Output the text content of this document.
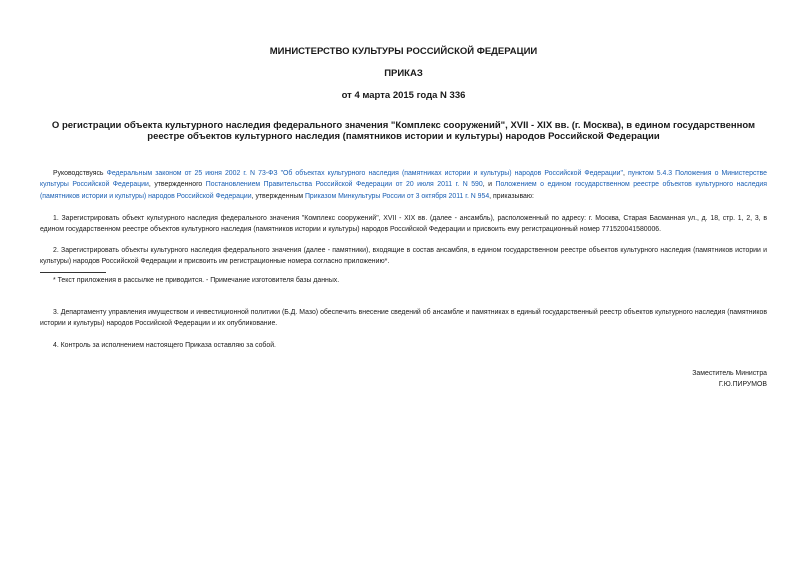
МИНИСТЕРСТВО КУЛЬТУРЫ РОССИЙСКОЙ ФЕДЕРАЦИИ
ПРИКАЗ
от 4 марта 2015 года N 336
О регистрации объекта культурного наследия федерального значения "Комплекс сооружений", XVII - XIX вв. (г. Москва), в едином государственном реестре объектов культурного наследия (памятников истории и культуры) народов Российской Федерации

Руководствуясь Федеральным законом от 25 июня 2002 г. N 73-ФЗ "Об объектах культурного наследия (памятниках истории и культуры) народов Российской Федерации", пунктом 5.4.3 Положения о Министерстве культуры Российской Федерации, утвержденного Постановлением Правительства Российской Федерации от 20 июля 2011 г. N 590, и Положением о едином государственном реестре объектов культурного наследия (памятников истории и культуры) народов Российской Федерации, утвержденным Приказом Минкультуры России от 3 октября 2011 г. N 954, приказываю:

1. Зарегистрировать объект культурного наследия федерального значения "Комплекс сооружений", XVII - XIX вв. (далее - ансамбль), расположенный по адресу: г. Москва, Старая Басманная ул., д. 18, стр. 1, 2, 3, в едином государственном реестре объектов культурного наследия (памятников истории и культуры) народов Российской Федерации и присвоить ему регистрационный номер 771520041580006.

2. Зарегистрировать объекты культурного наследия федерального значения (далее - памятники), входящие в состав ансамбля, в едином государственном реестре объектов культурного наследия (памятников истории и культуры) народов Российской Федерации и присвоить им регистрационные номера согласно приложению*.

* Текст приложения в рассылке не приводится. - Примечание изготовителя базы данных.

3. Департаменту управления имуществом и инвестиционной политики (Б.Д. Мазо) обеспечить внесение сведений об ансамбле и памятниках в единый государственный реестр объектов культурного наследия (памятников истории и культуры) народов Российской Федерации и их опубликование.

4. Контроль за исполнением настоящего Приказа оставляю за собой.

Заместитель Министра
Г.Ю.ПИРУМОВ
